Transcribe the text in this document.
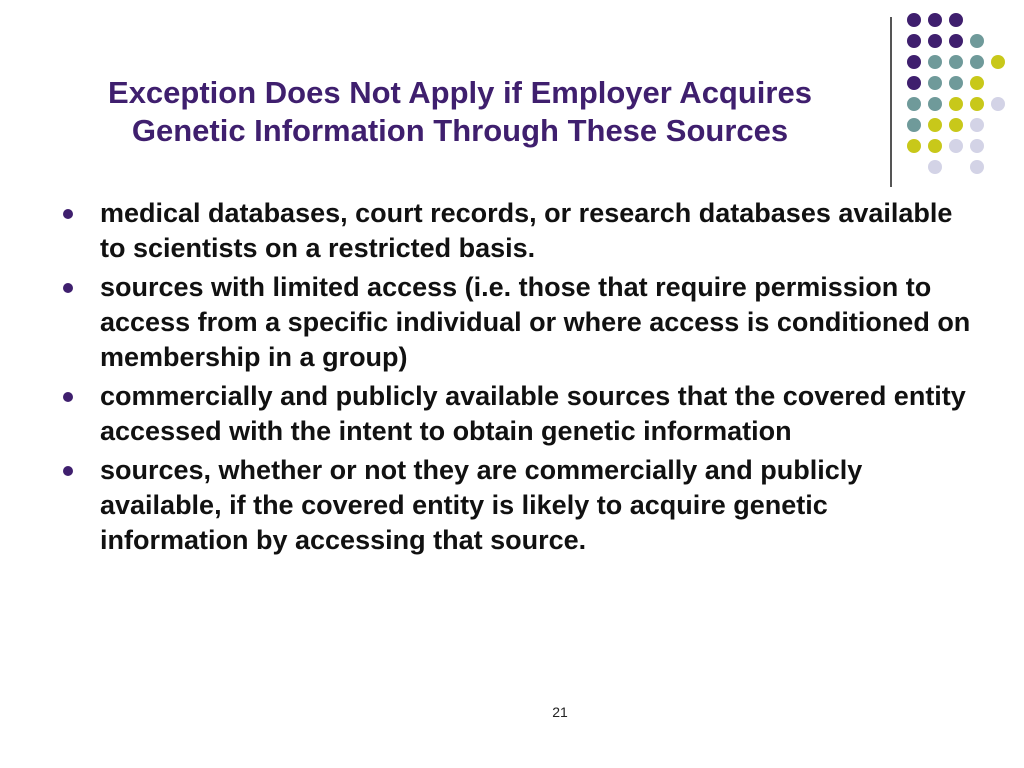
Exception Does Not Apply if Employer Acquires
Genetic Information Through These Sources
medical databases, court records, or research databases available to scientists on a restricted basis.
sources with limited access (i.e. those that require permission to access from a specific individual or where access is conditioned on membership in a group)
commercially and publicly available sources that the covered entity accessed with the intent to obtain genetic information
sources, whether or not they are commercially and publicly available, if the covered entity is likely to acquire genetic information by accessing that source.
21
